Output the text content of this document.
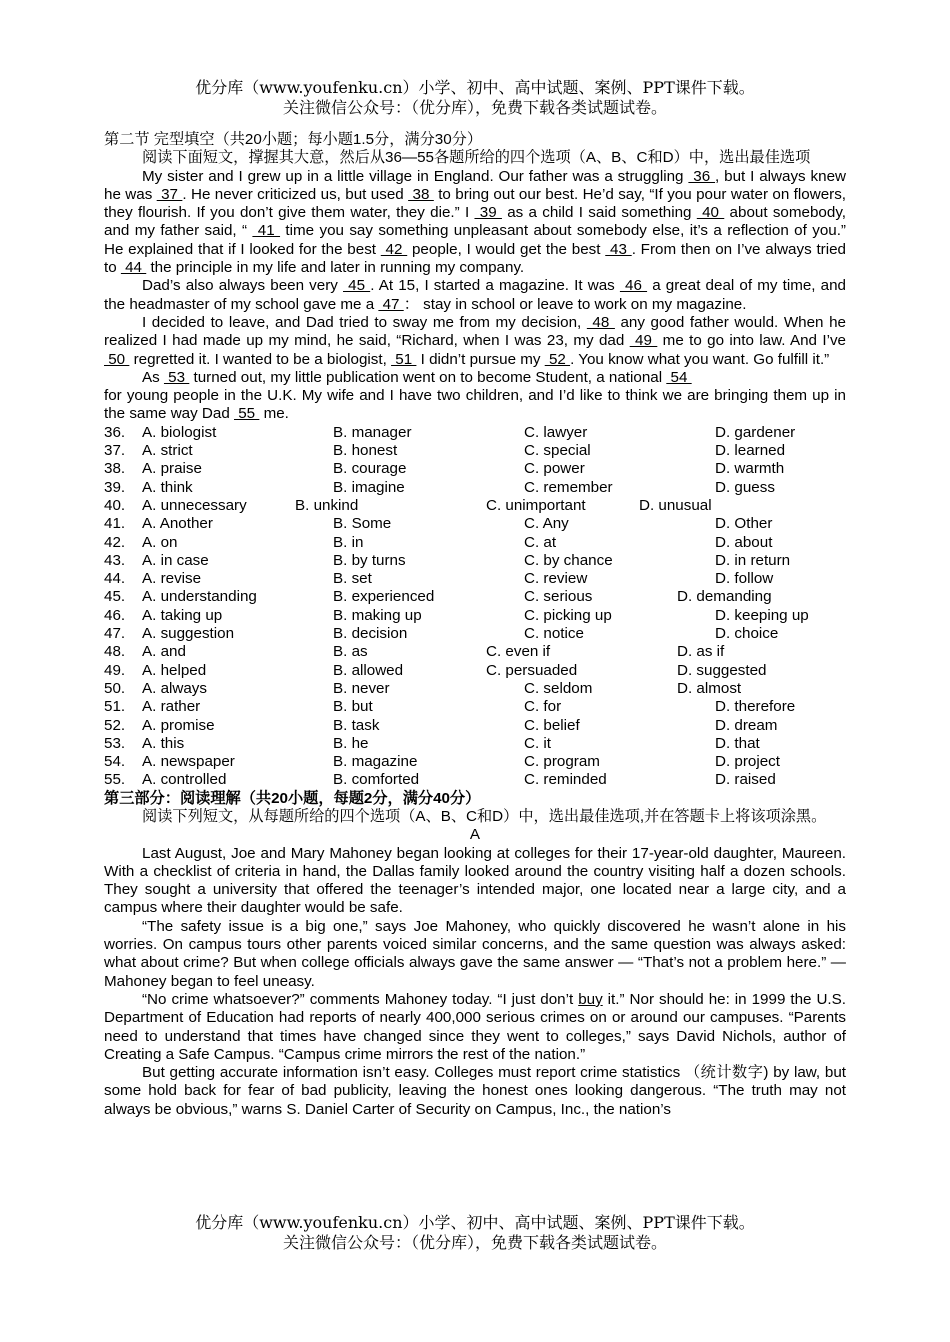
优分库（www.youfenku.cn）小学、初中、高中试题、案例、PPT课件下载。
关注微信公众号：（优分库），免费下载各类试题试卷。

第二节 完型填空（共20小题；每小题1.5分，满分30分）

阅读下面短文，撑握其大意，然后从36—55各题所给的四个选项（A、B、C和D）中，选出最佳选项

My sister and I grew up in a little village in England. Our father was a struggling  36 , but I always knew he was  37 . He never criticized us, but used  38  to bring out our best. He’d say, “If you pour water on flowers, they flourish. If you don’t give them water, they die.” I  39  as a child I said something  40  about somebody, and my father said, “  41  time you say something unpleasant about somebody else, it’s a reflection of you.” He explained that if I looked for the best  42  people, I would get the best  43 . From then on I’ve always tried to  44  the principle in my life and later in running my company.

Dad’s also always been very  45 . At 15, I started a magazine. It was  46  a great deal of my time, and the headmaster of my school gave me a  47 ： stay in school or leave to work on my magazine.

I decided to leave, and Dad tried to sway me from my decision,  48  any good father would. When he realized I had made up my mind, he said, “Richard, when I was 23, my dad  49  me to go into law. And I’ve  50  regretted it. I wanted to be a biologist,  51  I didn’t pursue my  52 . You know what you want. Go fulfill it.”

As  53  turned out, my little publication went on to become Student, a national  54

for young people in the U.K. My wife and I have two children, and I’d like to think we are bringing them up in the same way Dad  55  me.

36. A. biologist	B. manager	C. lawyer	D. gardener
37. A. strict	B. honest	C. special	D. learned
38. A. praise	B. courage	C. power	D. warmth
39. A. think	B. imagine	C. remember	D. guess
40. A. unnecessary	B. unkind	C. unimportant	D. unusual
41. A. Another	B. Some	C. Any	D. Other
42. A. on	B. in	C. at	D. about
43. A. in case	B. by turns	C. by chance	D. in return
44. A. revise	B. set	C. review	D. follow
45. A. understanding	B. experienced	C. serious	D. demanding
46. A. taking up	B. making up	C. picking up	D. keeping up
47. A. suggestion	B. decision	C. notice	D. choice
48. A. and	B. as	C. even if	D. as if
49. A. helped	B. allowed	C. persuaded	D. suggested
50. A. always	B. never	C. seldom	D. almost
51. A. rather	B. but	C. for	D. therefore
52. A. promise	B. task	C. belief	D. dream
53. A. this	B. he	C. it	D. that
54. A. newspaper	B. magazine	C. program	D. project
55. A. controlled	B. comforted	C. reminded	D. raised

第三部分：阅读理解（共20小题，每题2分，满分40分）

阅读下列短文，从每题所给的四个选项（A、B、C和D）中，选出最佳选项,并在答题卡上将该项涂黑。

A

Last August, Joe and Mary Mahoney began looking at colleges for their 17-year-old daughter, Maureen. With a checklist of criteria in hand, the Dallas family looked around the country visiting half a dozen schools. They sought a university that offered the teenager’s intended major, one located near a large city, and a campus where their daughter would be safe.

“The safety issue is a big one,” says Joe Mahoney, who quickly discovered he wasn’t alone in his worries. On campus tours other parents voiced similar concerns, and the same question was always asked: what about crime? But when college officials always gave the same answer — “That’s not a problem here.” — Mahoney began to feel uneasy.

“No crime whatsoever?” comments Mahoney today. “I just don’t buy it.” Nor should he: in 1999 the U.S. Department of Education had reports of nearly 400,000 serious crimes on or around our campuses. “Parents need to understand that times have changed since they went to colleges,” says David Nichols, author of Creating a Safe Campus. “Campus crime mirrors the rest of the nation.”

But getting accurate information isn’t easy. Colleges must report crime statistics （统计数字) by law, but some hold back for fear of bad publicity, leaving the honest ones looking dangerous. “The truth may not always be obvious,” warns S. Daniel Carter of Security on Campus, Inc., the nation’s

优分库（www.youfenku.cn）小学、初中、高中试题、案例、PPT课件下载。
关注微信公众号：（优分库），免费下载各类试题试卷。
